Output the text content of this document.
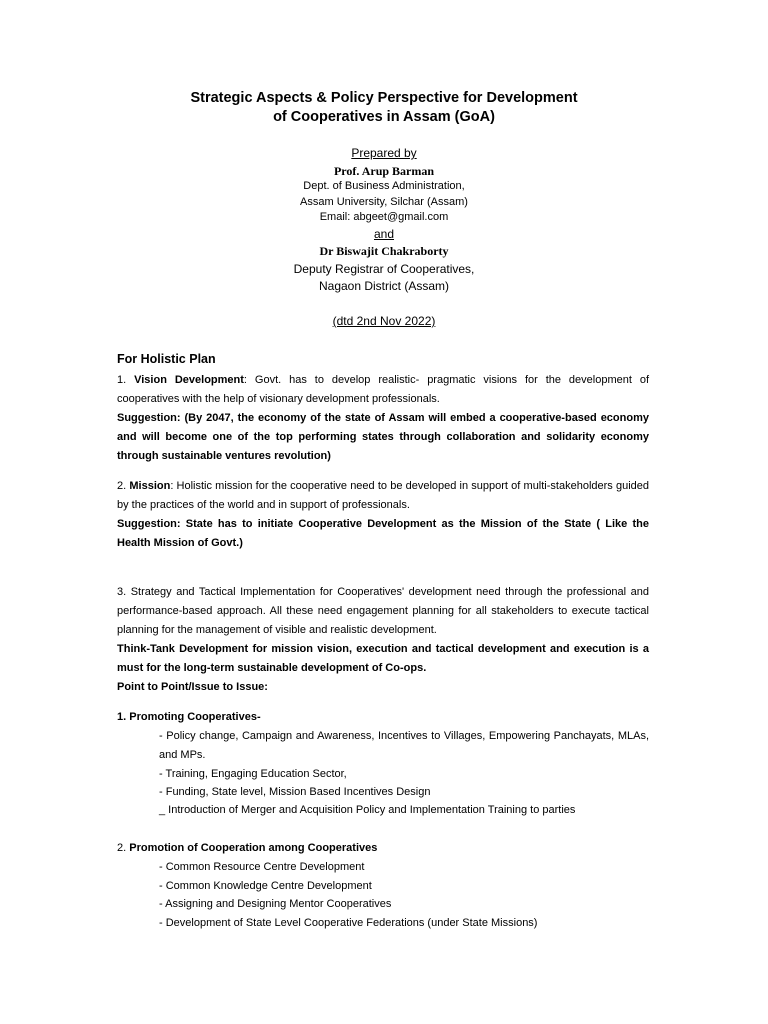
Strategic Aspects & Policy Perspective for Development
of Cooperatives in Assam (GoA)
Prepared by
Prof. Arup Barman
Dept. of Business Administration,
Assam University, Silchar (Assam)
Email: abgeet@gmail.com
and
Dr Biswajit Chakraborty
Deputy Registrar of Cooperatives,
Nagaon District (Assam)
(dtd 2nd Nov 2022)
For Holistic Plan
1. Vision Development: Govt. has to develop realistic- pragmatic visions for the development of cooperatives with the help of visionary development professionals.
Suggestion: (By 2047, the economy of the state of Assam will embed a cooperative-based economy and will become one of the top performing states through collaboration and solidarity economy through sustainable ventures revolution)
2. Mission: Holistic mission for the cooperative need to be developed in support of multi-stakeholders guided by the practices of the world and in support of professionals.
Suggestion: State has to initiate Cooperative Development as the Mission of the State ( Like the Health Mission of Govt.)
3. Strategy and Tactical Implementation for Cooperatives' development need through the professional and performance-based approach. All these need engagement planning for all stakeholders to execute tactical planning for the management of visible and realistic development.
Think-Tank Development for mission vision, execution and tactical development and execution is a must for the long-term sustainable development of Co-ops.
Point to Point/Issue to Issue:
1. Promoting Cooperatives-
- Policy change, Campaign and Awareness, Incentives to Villages, Empowering Panchayats, MLAs, and MPs.
- Training, Engaging Education Sector,
- Funding, State level, Mission Based Incentives Design
_ Introduction of Merger and Acquisition Policy and Implementation Training to parties
2. Promotion of Cooperation among Cooperatives
- Common Resource Centre Development
- Common Knowledge Centre Development
- Assigning and Designing Mentor Cooperatives
- Development of State Level Cooperative Federations (under State Missions)
